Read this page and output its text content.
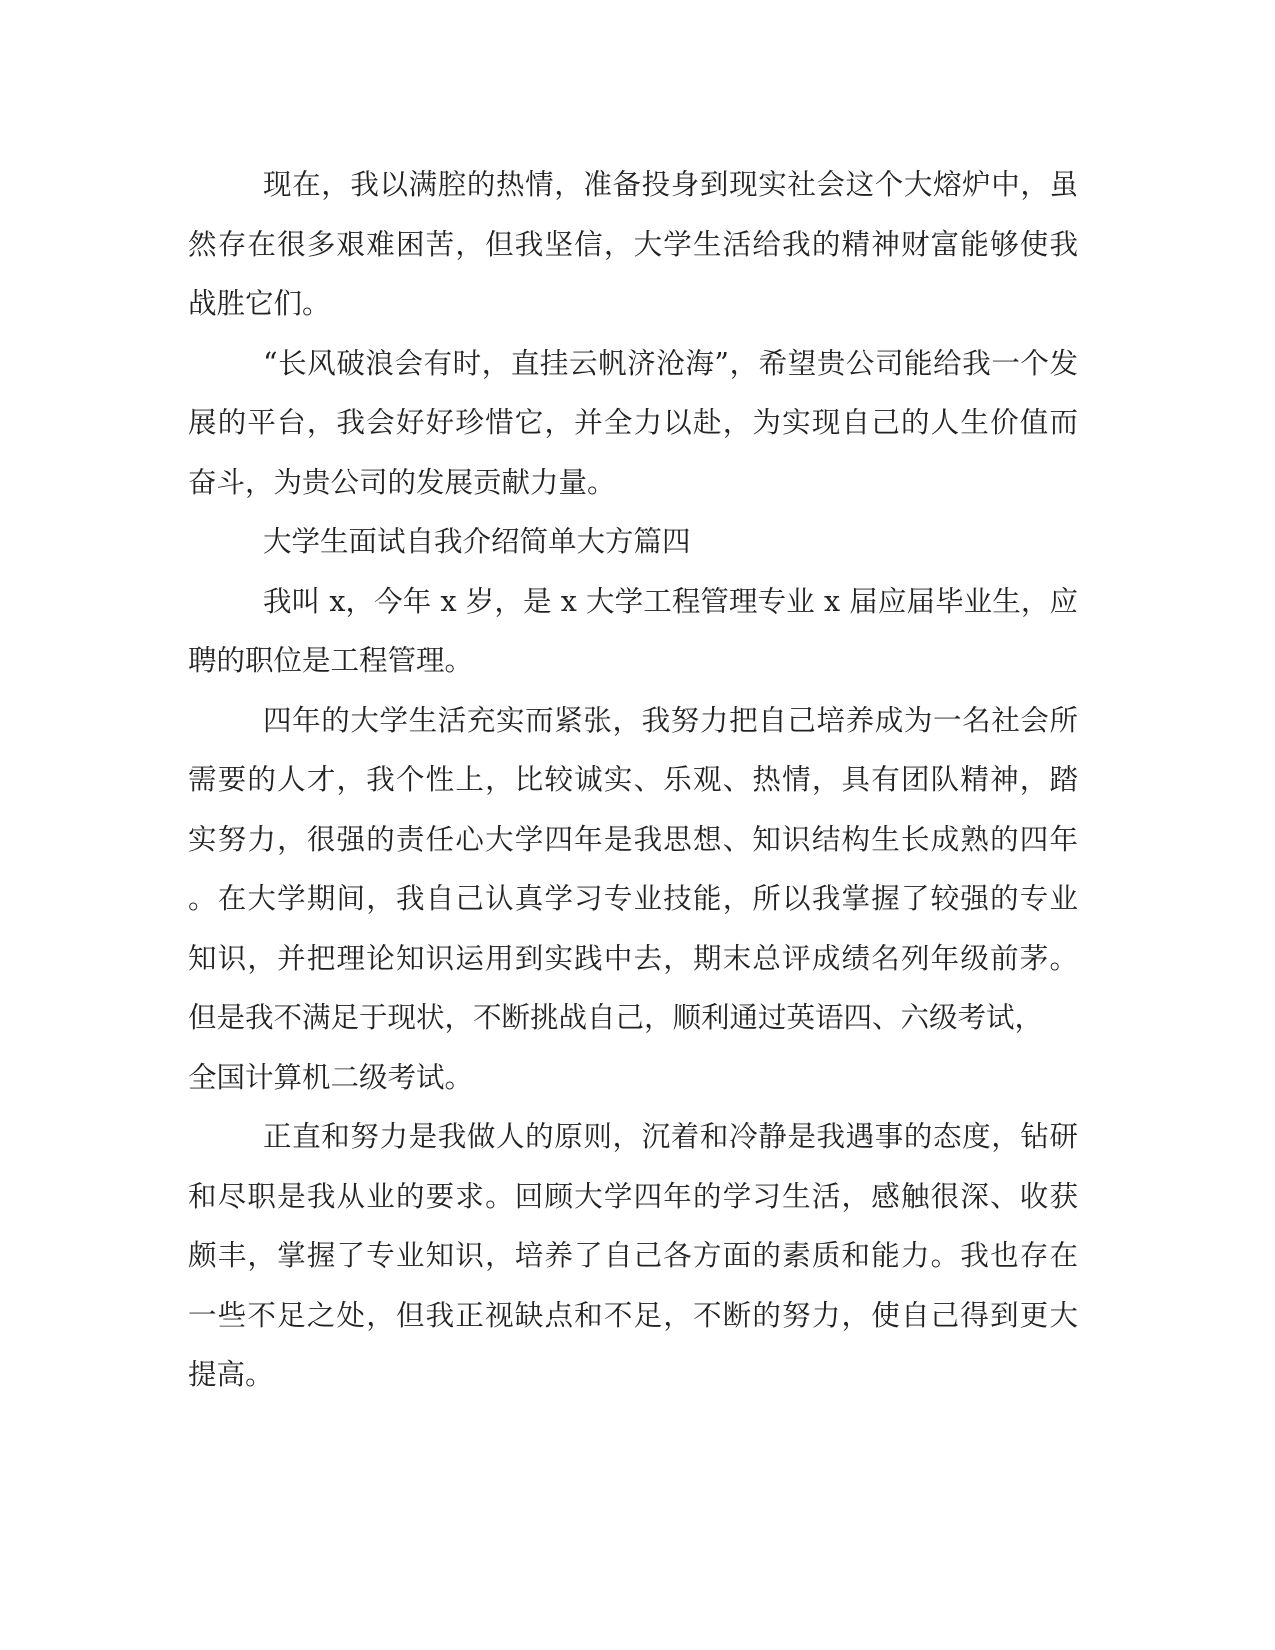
现在，我以满腔的热情，准备投身到现实社会这个大熔炉中，虽
然存在很多艰难困苦，但我坚信，大学生活给我的精神财富能够使我
战胜它们。
“长风破浪会有时，直挂云帆济沧海”，希望贵公司能给我一个发
展的平台，我会好好珍惜它，并全力以赴，为实现自己的人生价值而
奋斗，为贵公司的发展贡献力量。
大学生面试自我介绍简单大方篇四
我叫 x，今年 x 岁，是 x 大学工程管理专业 x 届应届毕业生，应
聘的职位是工程管理。
四年的大学生活充实而紧张，我努力把自己培养成为一名社会所
需要的人才，我个性上，比较诚实、乐观、热情，具有团队精神，踏
实努力，很强的责任心大学四年是我思想、知识结构生长成熟的四年
。在大学期间，我自己认真学习专业技能，所以我掌握了较强的专业
知识，并把理论知识运用到实践中去，期末总评成绩名列年级前茅。
但是我不满足于现状，不断挑战自己，顺利通过英语四、六级考试，
全国计算机二级考试。
正直和努力是我做人的原则，沉着和冷静是我遇事的态度，钻研
和尽职是我从业的要求。回顾大学四年的学习生活，感触很深、收获
颇丰，掌握了专业知识，培养了自己各方面的素质和能力。我也存在
一些不足之处，但我正视缺点和不足，不断的努力，使自己得到更大
提高。
